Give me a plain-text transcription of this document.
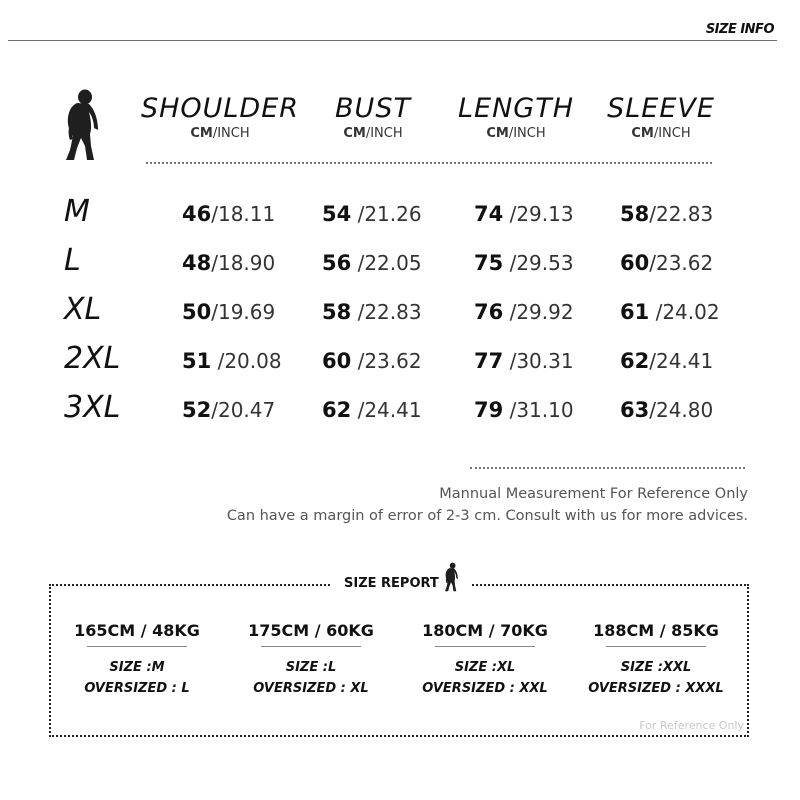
SIZE INFO
SHOULDER
CM/INCH
BUST
CM/INCH
LENGTH
CM/INCH
SLEEVE
CM/INCH
M
L
XL
2XL
3XL
46/18.11 54 /21.26 74 /29.13 58/22.83
48/18.90 56 /22.05 75 /29.53 60/23.62
50/19.69 58 /22.83 76 /29.92 61 /24.02
51 /20.08 60 /23.62 77 /30.31 62/24.41
52/20.47 62 /24.41 79 /31.10 63/24.80
Mannual Measurement For Reference Only
Can have a margin of error of 2-3 cm. Consult with us for more advices.
SIZE REPORT
165CM / 48KG
SIZE :M
OVERSIZED : L
175CM / 60KG
SIZE :L
OVERSIZED : XL
180CM / 70KG
SIZE :XL
OVERSIZED : XXL
188CM / 85KG
SIZE :XXL
OVERSIZED : XXXL
For Reference Only
